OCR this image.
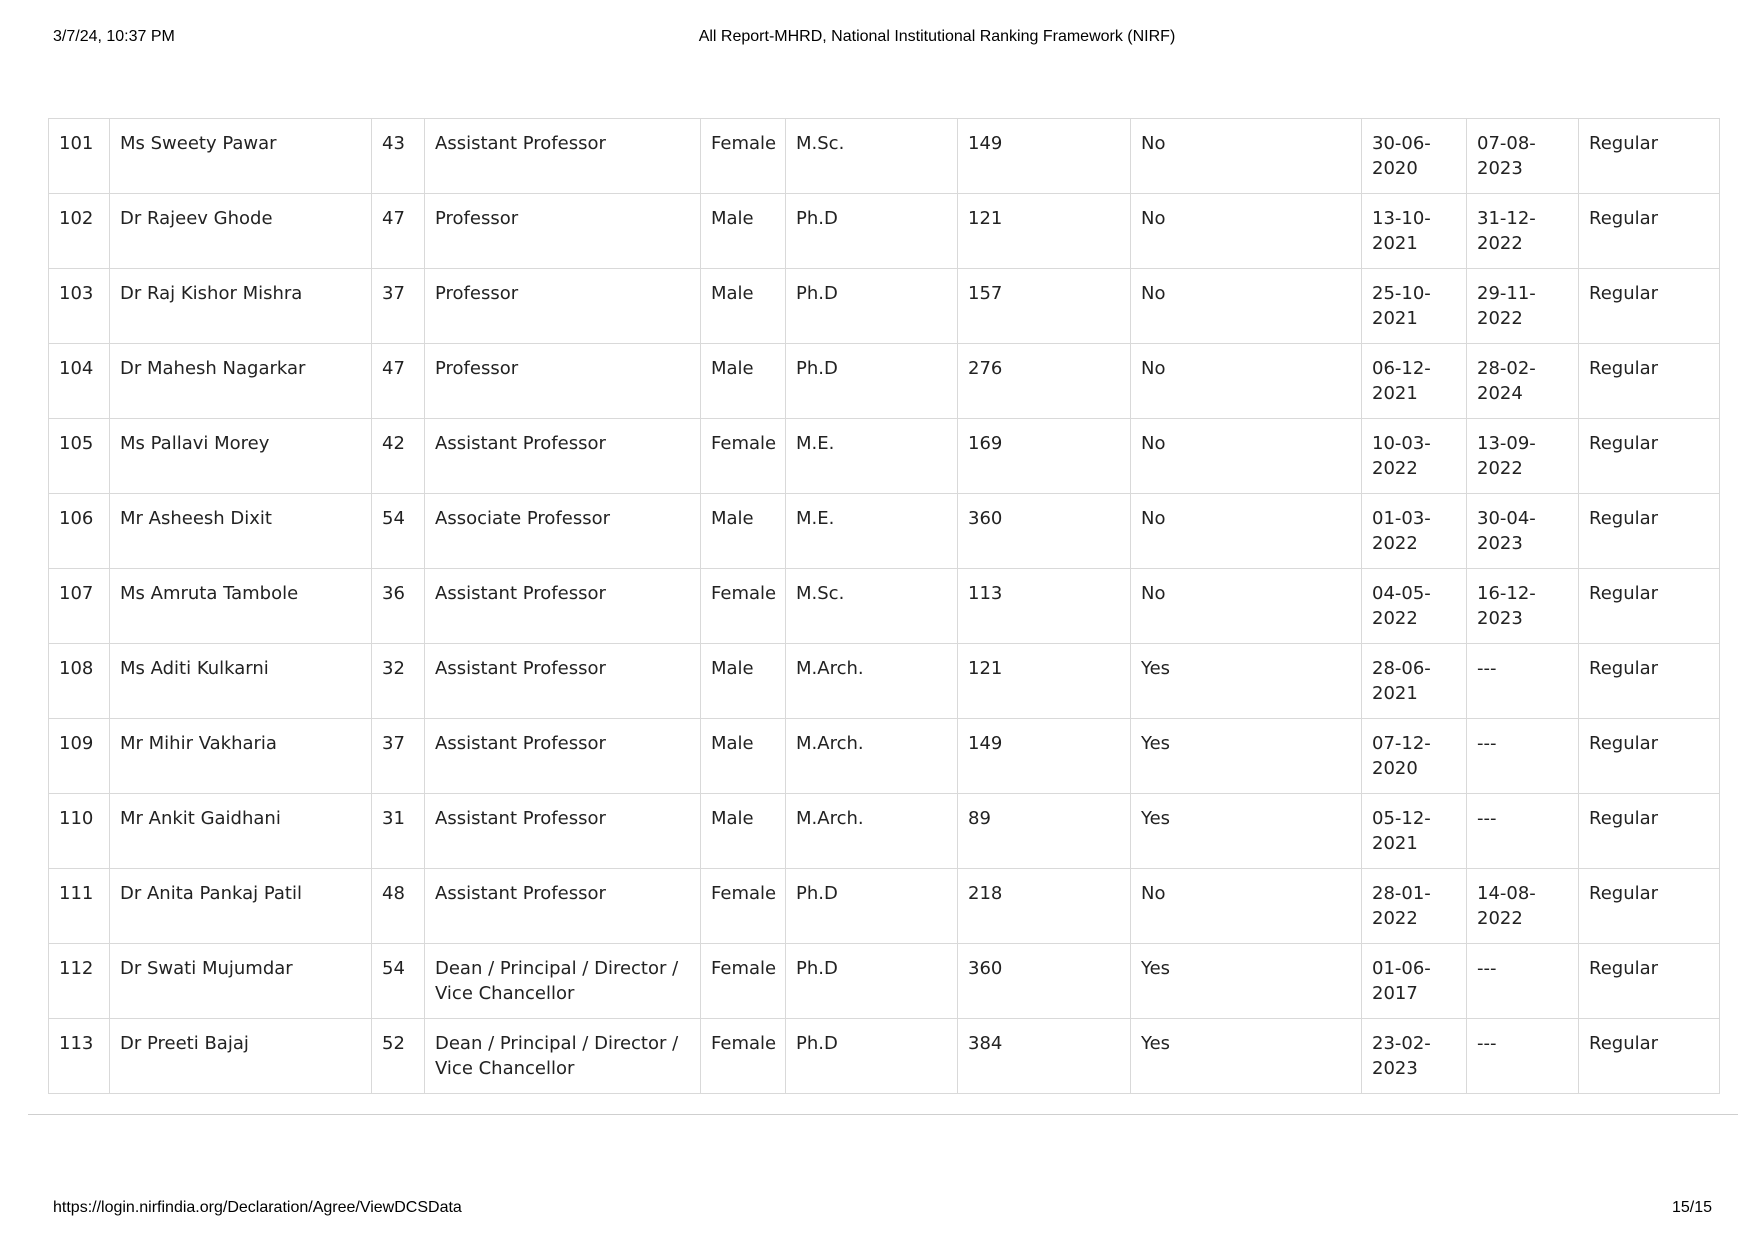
3/7/24, 10:37 PM	All Report-MHRD, National Institutional Ranking Framework (NIRF)
101	Ms Sweety Pawar	43	Assistant Professor	Female	M.Sc.	149	No	30-06-2020	07-08-2023	Regular
102	Dr Rajeev Ghode	47	Professor	Male	Ph.D	121	No	13-10-2021	31-12-2022	Regular
103	Dr Raj Kishor Mishra	37	Professor	Male	Ph.D	157	No	25-10-2021	29-11-2022	Regular
104	Dr Mahesh Nagarkar	47	Professor	Male	Ph.D	276	No	06-12-2021	28-02-2024	Regular
105	Ms Pallavi Morey	42	Assistant Professor	Female	M.E.	169	No	10-03-2022	13-09-2022	Regular
106	Mr Asheesh Dixit	54	Associate Professor	Male	M.E.	360	No	01-03-2022	30-04-2023	Regular
107	Ms Amruta Tambole	36	Assistant Professor	Female	M.Sc.	113	No	04-05-2022	16-12-2023	Regular
108	Ms Aditi Kulkarni	32	Assistant Professor	Male	M.Arch.	121	Yes	28-06-2021	---	Regular
109	Mr Mihir Vakharia	37	Assistant Professor	Male	M.Arch.	149	Yes	07-12-2020	---	Regular
110	Mr Ankit Gaidhani	31	Assistant Professor	Male	M.Arch.	89	Yes	05-12-2021	---	Regular
111	Dr Anita Pankaj Patil	48	Assistant Professor	Female	Ph.D	218	No	28-01-2022	14-08-2022	Regular
112	Dr Swati Mujumdar	54	Dean / Principal / Director / Vice Chancellor	Female	Ph.D	360	Yes	01-06-2017	---	Regular
113	Dr Preeti Bajaj	52	Dean / Principal / Director / Vice Chancellor	Female	Ph.D	384	Yes	23-02-2023	---	Regular
https://login.nirfindia.org/Declaration/Agree/ViewDCSData	15/15
